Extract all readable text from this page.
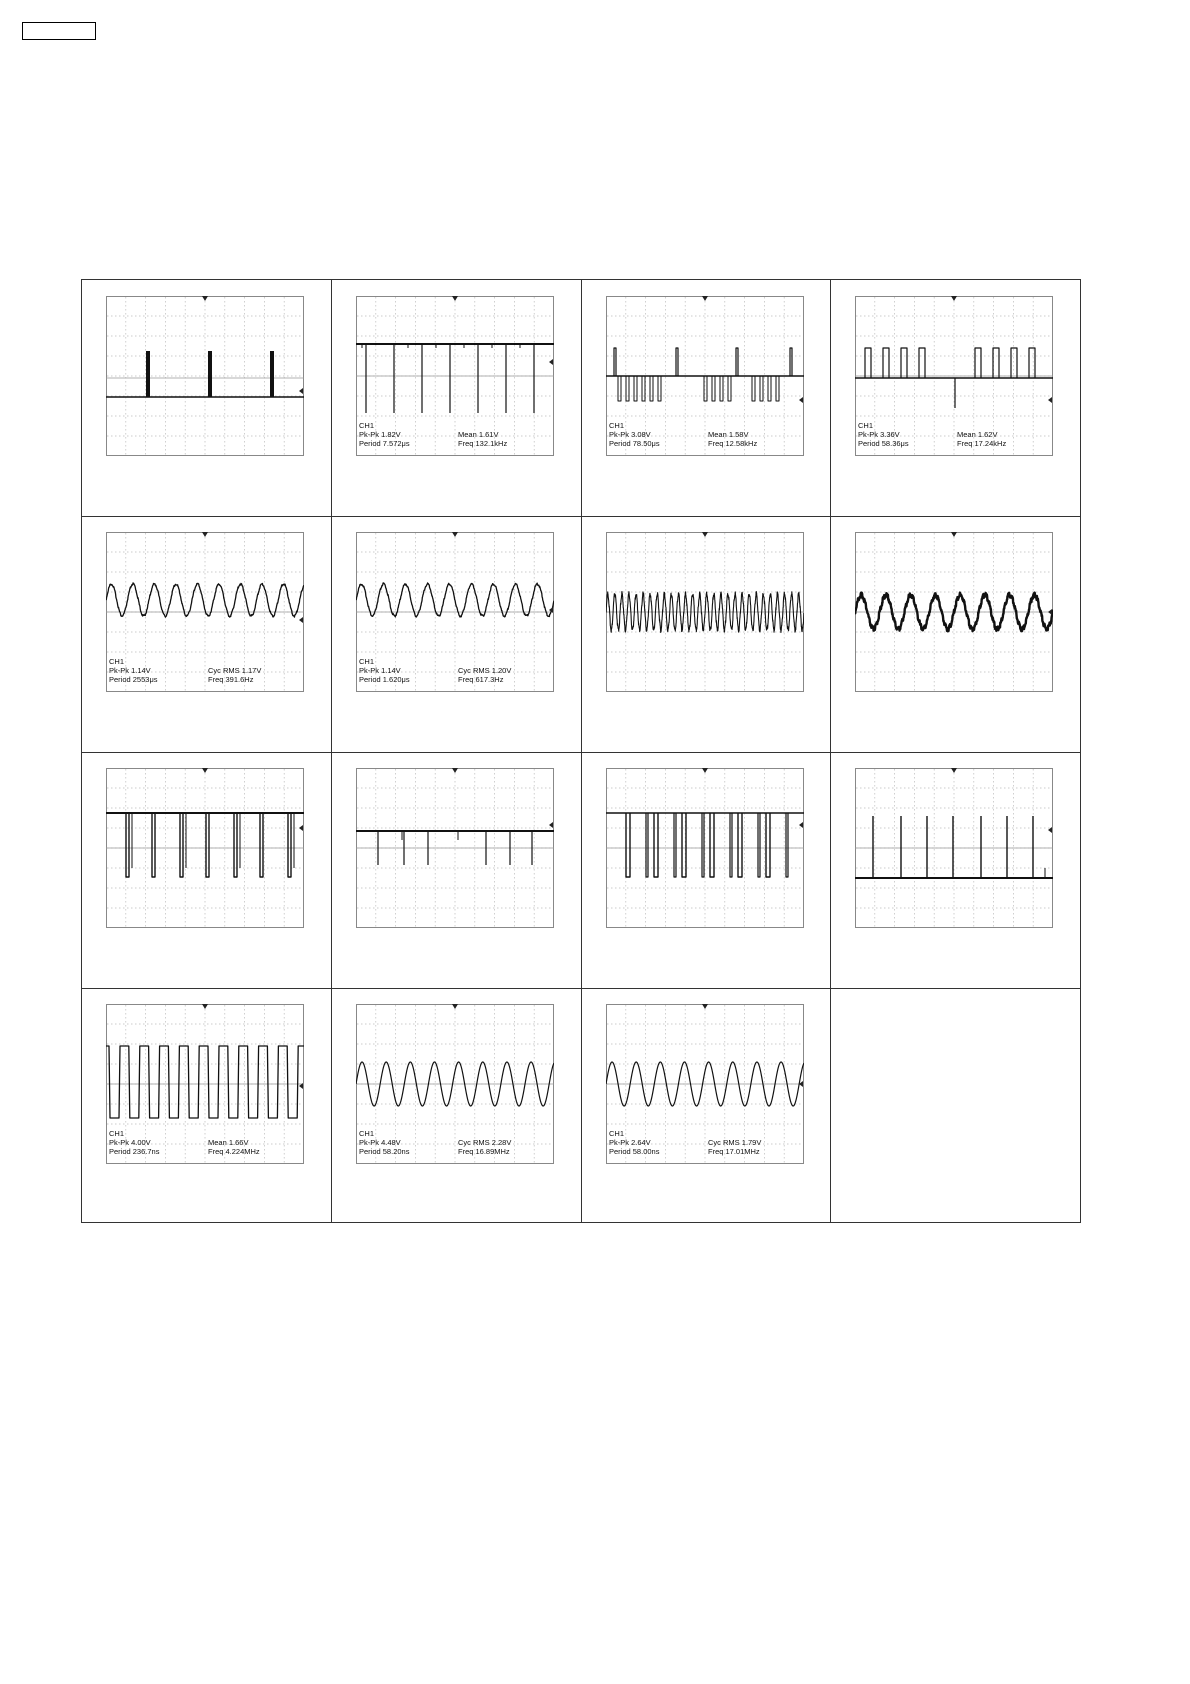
CH1
Pk-Pk 1.82V Mean 1.61V
Period 7.572μs Freq 132.1kHz	CH1
Pk-Pk 3.08V Mean 1.58V
Period 78.50μs Freq 12.58kHz	CH1
Pk-Pk 3.36V Mean 1.62V
Period 58.36μs Freq 17.24kHz

CH1
Pk-Pk 1.14V Cyc RMS 1.17V
Period 2553μs Freq 391.6Hz	CH1
Pk-Pk 1.14V Cyc RMS 1.20V
Period 1.620μs Freq 617.3Hz

CH1
Pk-Pk 4.00V Mean 1.66V
Period 236.7ns Freq 4.224MHz	CH1
Pk-Pk 4.48V Cyc RMS 2.28V
Period 58.20ns Freq 16.89MHz	CH1
Pk-Pk 2.64V Cyc RMS 1.79V
Period 58.00ns Freq 17.01MHz	
